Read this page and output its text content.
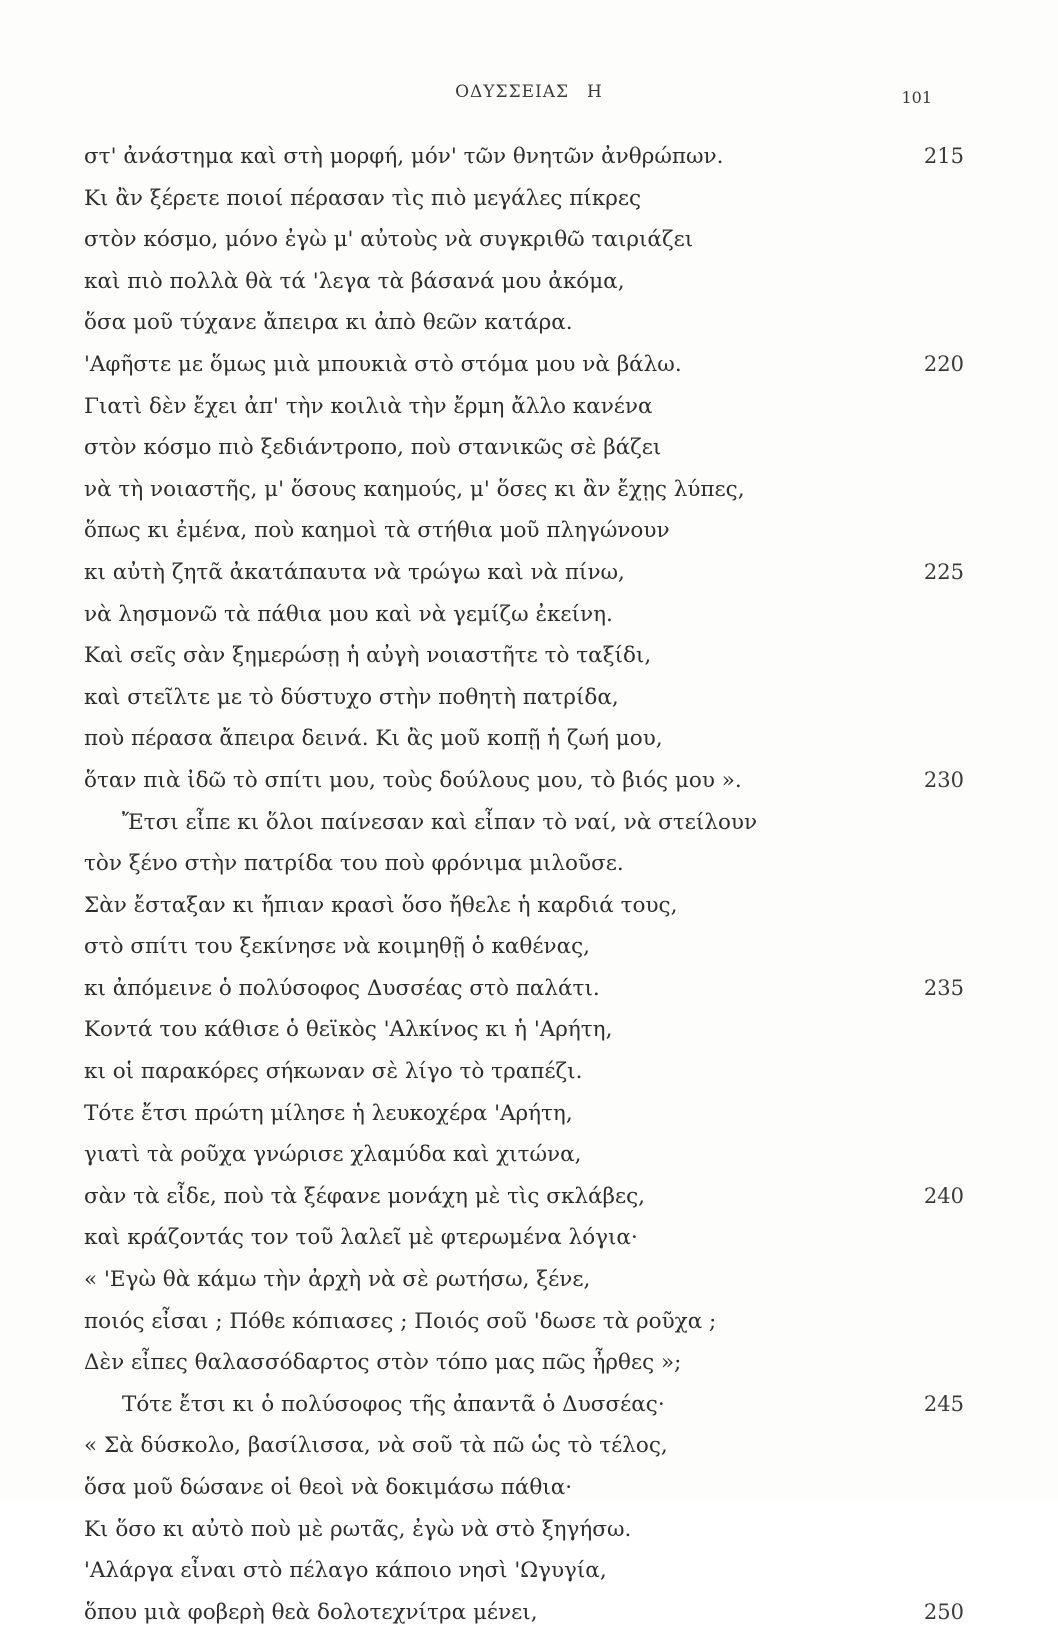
ΟΔΥΣΣΕΙΑΣ Η	101
στ' ἀνάστημα καὶ στὴ μορφή, μόν' τῶν θνητῶν ἀνθρώπων.	215
Κι ἂν ξέρετε ποιοί πέρασαν τὶς πιὸ μεγάλες πίκρες
στὸν κόσμο, μόνο ἐγὼ μ' αὐτοὺς νὰ συγκριθῶ ταιριάζει
καὶ πιὸ πολλὰ θὰ τά 'λεγα τὰ βάσανά μου ἀκόμα,
ὅσα μοῦ τύχανε ἄπειρα κι ἀπὸ θεῶν κατάρα.
'Αφῆστε με ὅμως μιὰ μπουκιὰ στὸ στόμα μου νὰ βάλω.	220
Γιατὶ δὲν ἔχει ἀπ' τὴν κοιλιὰ τὴν ἔρμη ἄλλο κανένα
στὸν κόσμο πιὸ ξεδιάντροπο, ποὺ στανικῶς σὲ βάζει
νὰ τὴ νοιαστῆς, μ' ὅσους καημούς, μ' ὅσες κι ἂν ἔχῃς λύπες,
ὅπως κι ἐμένα, ποὺ καημοὶ τὰ στήθια μοῦ πληγώνουν
κι αὐτὴ ζητᾶ ἀκατάπαυτα νὰ τρώγω καὶ νὰ πίνω,	225
νὰ λησμονῶ τὰ πάθια μου καὶ νὰ γεμίζω ἐκείνη.
Καὶ σεῖς σὰν ξημερώσῃ ἡ αὐγὴ νοιαστῆτε τὸ ταξίδι,
καὶ στεῖλτε με τὸ δύστυχο στὴν ποθητὴ πατρίδα,
ποὺ πέρασα ἄπειρα δεινά. Κι ἂς μοῦ κοπῇ ἡ ζωή μου,
ὅταν πιὰ ἰδῶ τὸ σπίτι μου, τοὺς δούλους μου, τὸ βιός μου ».	230
Ἔτσι εἶπε κι ὅλοι παίνεσαν καὶ εἶπαν τὸ ναί, νὰ στείλουν
τὸν ξένο στὴν πατρίδα του ποὺ φρόνιμα μιλοῦσε.
Σὰν ἔσταξαν κι ἤπιαν κρασὶ ὅσο ἤθελε ἡ καρδιά τους,
στὸ σπίτι του ξεκίνησε νὰ κοιμηθῇ ὁ καθένας,
κι ἀπόμεινε ὁ πολύσοφος Δυσσέας στὸ παλάτι.	235
Κοντά του κάθισε ὁ θεϊκὸς 'Αλκίνος κι ἡ 'Αρήτη,
κι οἱ παρακόρες σήκωναν σὲ λίγο τὸ τραπέζι.
Τότε ἔτσι πρώτη μίλησε ἡ λευκοχέρα 'Αρήτη,
γιατὶ τὰ ροῦχα γνώρισε χλαμύδα καὶ χιτώνα,
σὰν τὰ εἶδε, ποὺ τὰ ξέφανε μονάχη μὲ τὶς σκλάβες,	240
καὶ κράζοντάς τον τοῦ λαλεῖ μὲ φτερωμένα λόγια·
« 'Εγὼ θὰ κάμω τὴν ἀρχὴ νὰ σὲ ρωτήσω, ξένε,
ποιός εἶσαι ; Πόθε κόπιασες ; Ποιός σοῦ 'δωσε τὰ ροῦχα ;
Δὲν εἶπες θαλασσόδαρτος στὸν τόπο μας πῶς ἦρθες »;
Τότε ἔτσι κι ὁ πολύσοφος τῆς ἀπαντᾶ ὁ Δυσσέας·	245
« Σὰ δύσκολο, βασίλισσα, νὰ σοῦ τὰ πῶ ὡς τὸ τέλος,
ὅσα μοῦ δώσανε οἱ θεοὶ νὰ δοκιμάσω πάθια·
Κι ὅσο κι αὐτὸ ποὺ μὲ ρωτᾶς, ἐγὼ νὰ στὸ ξηγήσω.
'Αλάργα εἶναι στὸ πέλαγο κάποιο νησὶ 'Ωγυγία,
ὅπου μιὰ φοβερὴ θεὰ δολοτεχνίτρα μένει,	250
